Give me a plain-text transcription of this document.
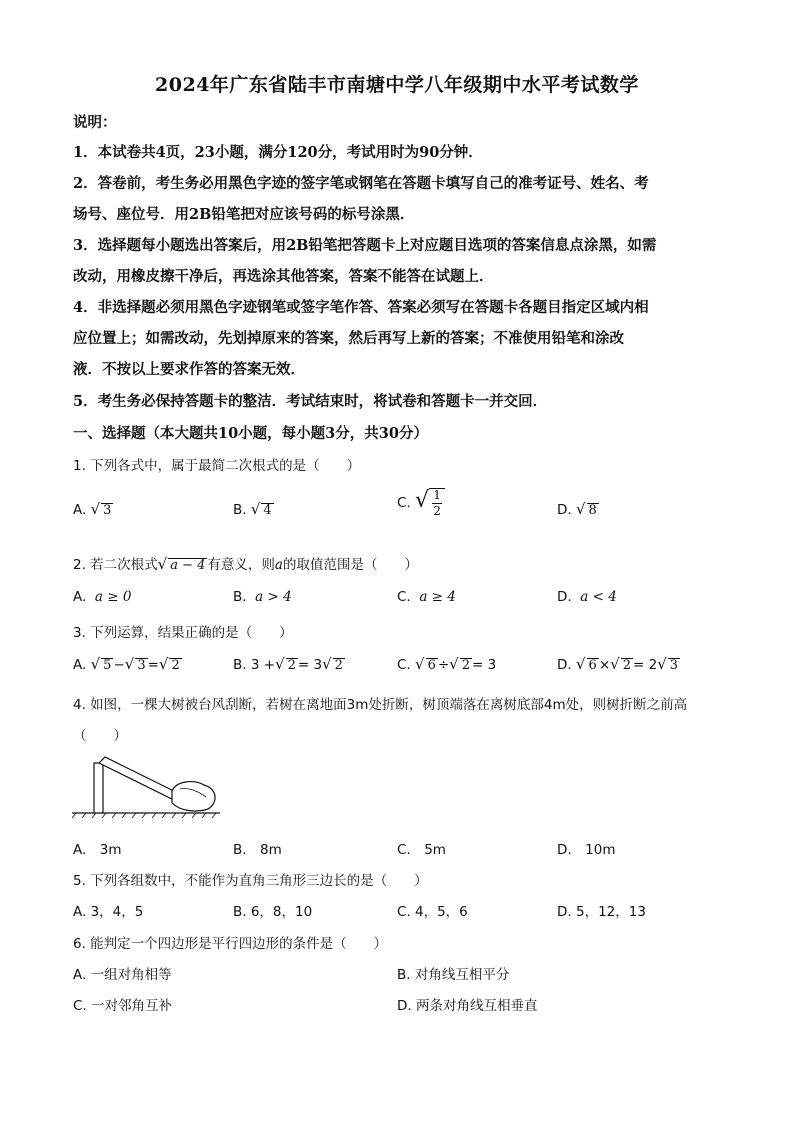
2024年广东省陆丰市南塘中学八年级期中水平考试数学
说明：
1．本试卷共4页，23小题，满分120分，考试用时为90分钟．
2．答卷前，考生务必用黑色字迹的签字笔或钢笔在答题卡填写自己的准考证号、姓名、考
场号、座位号．用2B铅笔把对应该号码的标号涂黑．
3．选择题每小题选出答案后，用2B铅笔把答题卡上对应题目选项的答案信息点涂黑，如需
改动，用橡皮擦干净后，再选涂其他答案，答案不能答在试题上．
4．非选择题必须用黑色字迹钢笔或签字笔作答、答案必须写在答题卡各题目指定区域内相
应位置上；如需改动，先划掉原来的答案，然后再写上新的答案；不准使用铅笔和涂改
液．不按以上要求作答的答案无效．
5．考生务必保持答题卡的整洁．考试结束时，将试卷和答题卡一并交回．
一、选择题（本大题共10小题，每小题3分，共30分）
1. 下列各式中，属于最简二次根式的是（　　）
A. √ 3	B. √ 4	C. √ $\frac{1}{2}$	D. √ 8
2. 若二次根式√ a − 4 有意义，则a的取值范围是（　　）
A. a ≥ 0	B. a > 4	C. a ≥ 4	D. a < 4
3. 下列运算，结果正确的是（　　）
A. √ 5 −√ 3 =√ 2	B. 3 +√ 2 = 3√ 2	C. √ 6 ÷√ 2 = 3	D. √ 6 ×√ 2 = 2√ 3
4. 如图，一棵大树被台风刮断，若树在离地面3m处折断，树顶端落在离树底部4m处，则树折断之前高
（　　）
A.　3m	B.　8m	C.　5m	D.　10m
5. 下列各组数中，不能作为直角三角形三边长的是（　　）
A. 3，4，5	B. 6，8，10	C. 4，5，6	D. 5，12，13
6. 能判定一个四边形是平行四边形的条件是（　　）
A. 一组对角相等	B. 对角线互相平分
C. 一对邻角互补	D. 两条对角线互相垂直
